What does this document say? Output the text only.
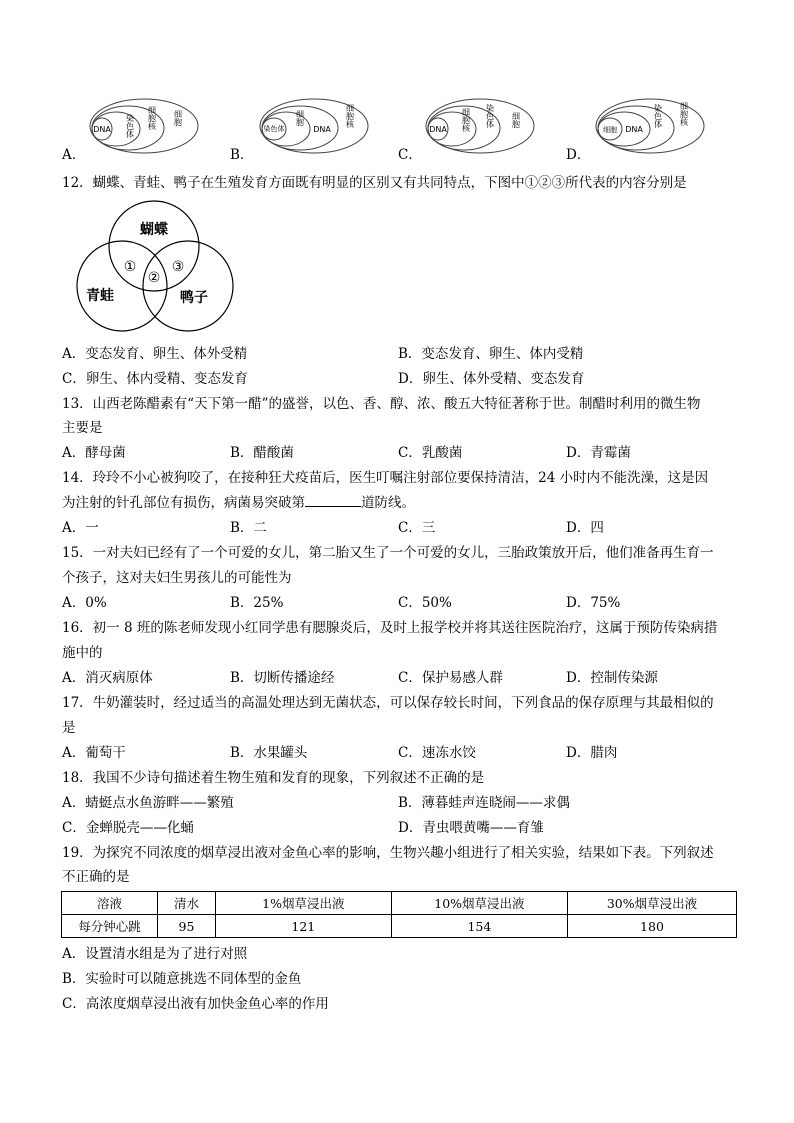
A．
DNA 染色体 细胞核 细胞
B．
染色体
细胞
DNA
细胞核
C．
DNA 细胞核 染色体 细胞
D．
细胞 DNA
染色体 细胞核
12．蝴蝶、青蛙、鸭子在生殖发育方面既有明显的区别又有共同特点，下图中①②③所代表的内容分别是
蝴蝶
青蛙	鸭子
①
②
③
A．变态发育、卵生、体外受精	B．变态发育、卵生、体内受精
C．卵生、体内受精、变态发育	D．卵生、体外受精、变态发育
13．山西老陈醋素有“天下第一醋”的盛誉，以色、香、醇、浓、酸五大特征著称于世。制醋时利用的微生物
主要是
A．酵母菌	B．醋酸菌	C．乳酸菌	D．青霉菌
14．玲玲不小心被狗咬了，在接种狂犬疫苗后，医生叮嘱注射部位要保持清洁，24 小时内不能洗澡，这是因
为注射的针孔部位有损伤，病菌易突破第	道防线。
A．一	B．二	C．三	D．四
15．一对夫妇已经有了一个可爱的女儿，第二胎又生了一个可爱的女儿，三胎政策放开后，他们准备再生育一
个孩子，这对夫妇生男孩儿的可能性为
A．0%	B．25%	C．50%	D．75%
16．初一 8 班的陈老师发现小红同学患有腮腺炎后，及时上报学校并将其送往医院治疗，这属于预防传染病措
施中的
A．消灭病原体	B．切断传播途经	C．保护易感人群	D．控制传染源
17．牛奶灌装时，经过适当的高温处理达到无菌状态，可以保存较长时间，下列食品的保存原理与其最相似的
是
A．葡萄干	B．水果罐头	C．速冻水饺	D．腊肉
18．我国不少诗句描述着生物生殖和发育的现象，下列叙述不正确的是
A．蜻蜓点水鱼游畔——繁殖	B．薄暮蛙声连晓闹——求偶
C．金蝉脱壳——化蛹	D．青虫喂黄嘴——育雏
19．为探究不同浓度的烟草浸出液对金鱼心率的影响，生物兴趣小组进行了相关实验，结果如下表。下列叙述
不正确的是
溶液	清水	1%烟草浸出液	10%烟草浸出液	30%烟草浸出液
每分钟心跳	95	121	154	180
A．设置清水组是为了进行对照
B．实验时可以随意挑选不同体型的金鱼
C．高浓度烟草浸出液有加快金鱼心率的作用
